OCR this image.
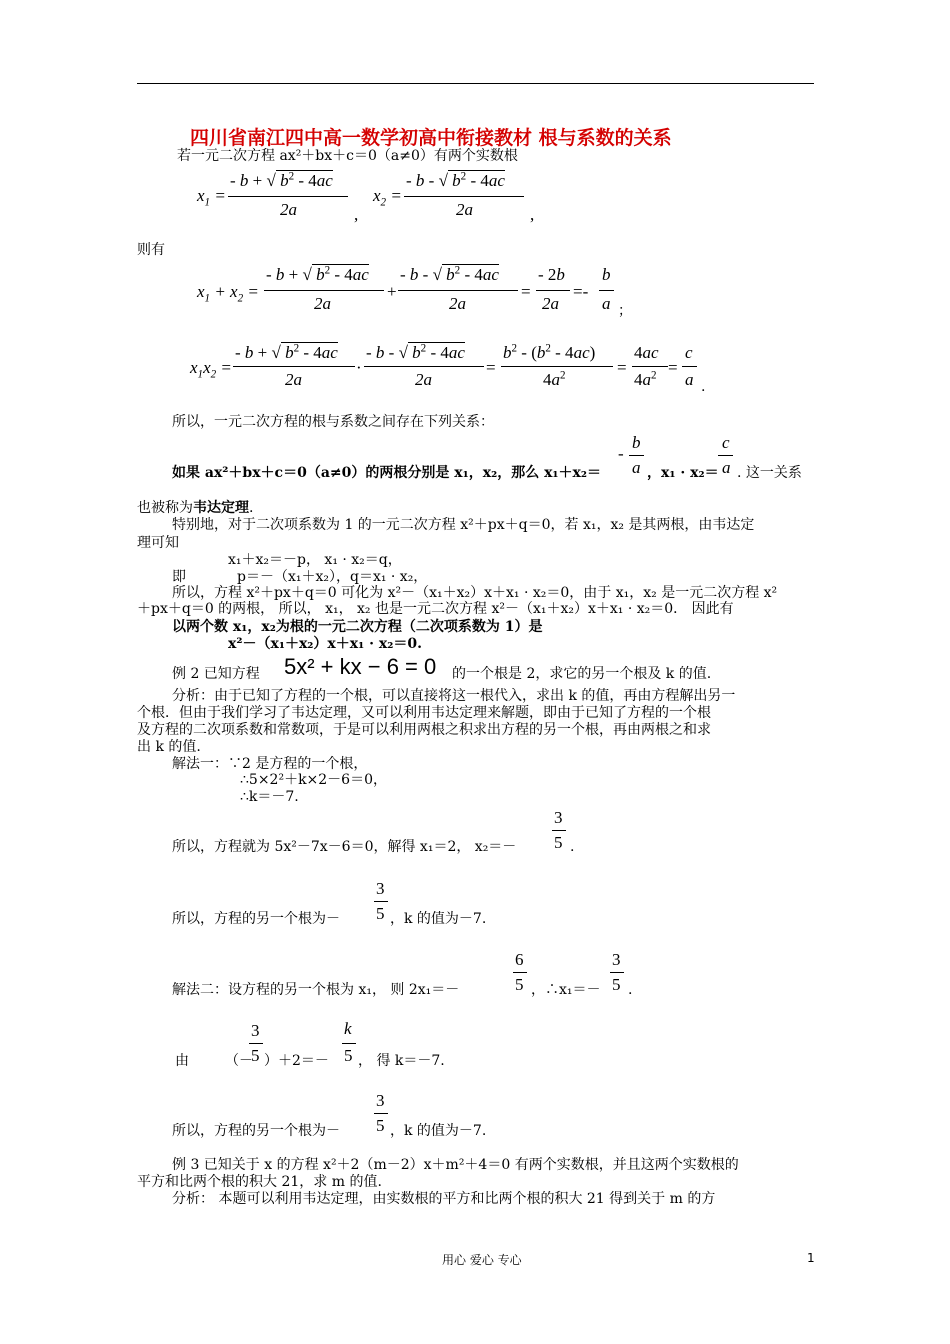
四川省南江四中高一数学初高中衔接教材 根与系数的关系
若一元二次方程 ax²＋bx＋c＝0（a≠0）有两个实数根
$x_1$ =
- b + √ $b^2 - 4ac$
2a	,
$x_2$ =
- b - √ $b^2 - 4ac$
2a	,
则有
$x_1 + x_2$ =
- b + √ $b^2 - 4ac$
2a
+
- b - √ $b^2 - 4ac$
2a
=
- 2b
2a
=-
b
a ；
$x_1x_2$ =
- b + √ $b^2 - 4ac$
2a
·
- b - √ $b^2 - 4ac$
2a
=
$b^2 - (b^2 - 4ac)$
$4a^2$	=
4ac
$4a^2$ =
c
a .
所以，一元二次方程的根与系数之间存在下列关系：
如果 ax²＋bx＋c＝0（a≠0）的两根分别是 x₁，x₂，那么 x₁＋x₂＝
-
b
a ，x₁ · x₂＝
c
a . 这一关系
也被称为韦达定理.
特别地，对于二次项系数为 1 的一元二次方程 x²＋px＋q＝0，若 x₁，x₂ 是其两根，由韦达定
理可知
x₁＋x₂＝－p， x₁ · x₂＝q，
即	p＝－（x₁＋x₂），q＝x₁ · x₂，
所以，方程 x²＋px＋q＝0 可化为 x²－（x₁＋x₂）x＋x₁ · x₂＝0，由于 x₁，x₂ 是一元二次方程 x²
＋px＋q＝0 的两根， 所以， x₁， x₂ 也是一元二次方程 x²－（x₁＋x₂）x＋x₁ · x₂＝0． 因此有
以两个数 x₁，x₂为根的一元二次方程（二次项系数为 1）是
x²－（x₁＋x₂）x＋x₁ · x₂＝0.
例 2 已知方程 5x² + kx − 6 = 0 的一个根是 2，求它的另一个根及 k 的值.
分析：由于已知了方程的一个根，可以直接将这一根代入，求出 k 的值，再由方程解出另一
个根．但由于我们学习了韦达定理，又可以利用韦达定理来解题，即由于已知了方程的一个根
及方程的二次项系数和常数项，于是可以利用两根之积求出方程的另一个根，再由两根之和求
出 k 的值.
解法一：∵2 是方程的一个根，
∴5×2²＋k×2－6＝0，
∴k＝－7.
所以，方程就为 5x²－7x－6＝0，解得 x₁＝2， x₂＝－
3
5 .
所以，方程的另一个根为－
3
5 ，k 的值为－7.
解法二：设方程的另一个根为 x₁， 则 2x₁＝－
6
5 ，∴x₁＝－
3
5 .
由	（－
3
5 ）＋2＝－
k
5 ， 得 k＝－7.
所以，方程的另一个根为－
3
5 ，k 的值为－7.
例 3 已知关于 x 的方程 x²＋2（m－2）x＋m²＋4＝0 有两个实数根，并且这两个实数根的
平方和比两个根的积大 21，求 m 的值.
分析： 本题可以利用韦达定理，由实数根的平方和比两个根的积大 21 得到关于 m 的方
用心 爱心 专心	1
